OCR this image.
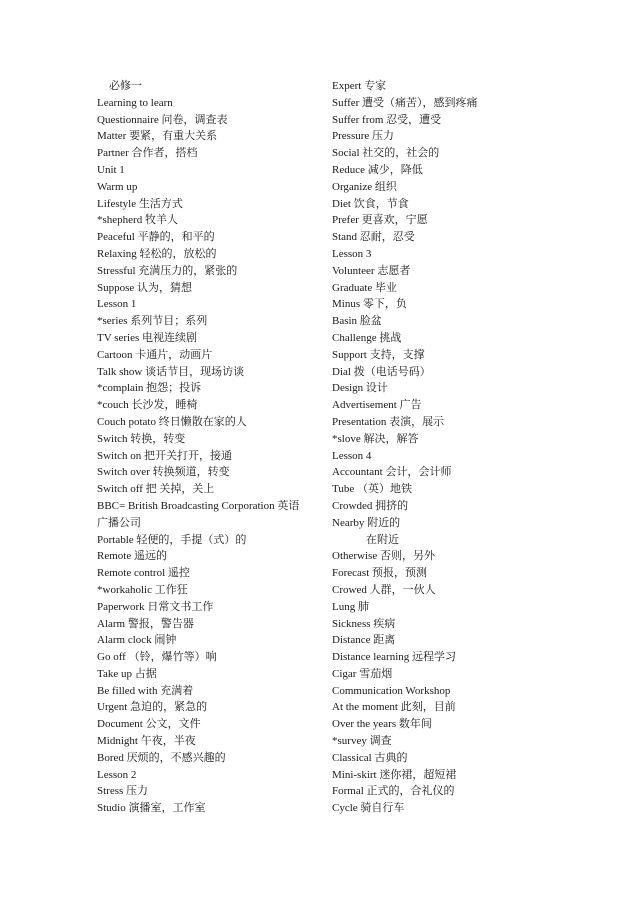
必修一
Learning to learn
Questionnaire 问卷，调查表
Matter 要紧，有重大关系
Partner 合作者，搭档
Unit 1
Warm up
Lifestyle 生活方式
*shepherd 牧羊人
Peaceful 平静的，和平的
Relaxing 轻松的，放松的
Stressful 充满压力的，紧张的
Suppose 认为，猜想
Lesson 1
*series 系列节目；系列
TV series 电视连续剧
Cartoon 卡通片，动画片
Talk show 谈话节目，现场访谈
*complain 抱怨；投诉
*couch 长沙发，睡椅
Couch potato 终日懒散在家的人
Switch 转换，转变
Switch on 把开关打开，接通
Switch over 转换频道，转变
Switch off 把 关掉，关上
BBC= British Broadcasting Corporation 英语
广播公司
Portable 轻便的，手提（式）的
Remote 遥远的
Remote control 遥控
*workaholic 工作狂
Paperwork 日常文书工作
Alarm 警报，警告器
Alarm clock 闹钟
Go off （铃，爆竹等）响
Take up 占据
Be filled with 充满着
Urgent 急迫的，紧急的
Document 公文，文件
Midnight 午夜，半夜
Bored 厌烦的，不感兴趣的
Lesson 2
Stress 压力
Studio 演播室，工作室
Expert 专家
Suffer 遭受（痛苦），感到疼痛
Suffer from 忍受，遭受
Pressure 压力
Social 社交的，社会的
Reduce 减少，降低
Organize 组织
Diet 饮食，节食
Prefer 更喜欢，宁愿
Stand 忍耐，忍受
Lesson 3
Volunteer 志愿者
Graduate 毕业
Minus 零下，负
Basin 脸盆
Challenge 挑战
Support 支持，支撑
Dial 拨（电话号码）
Design 设计
Advertisement 广告
Presentation 表演，展示
*slove 解决，解答
Lesson 4
Accountant 会计，会计师
Tube （英）地铁
Crowded 拥挤的
Nearby 附近的
在附近
Otherwise 否则，另外
Forecast 预报，预测
Crowed 人群，一伙人
Lung 肺
Sickness 疾病
Distance 距离
Distance learning 远程学习
Cigar 雪茄烟
Communication Workshop
At the moment 此刻，目前
Over the years 数年间
*survey 调查
Classical 古典的
Mini-skirt 迷你裙，超短裙
Formal 正式的，合礼仪的
Cycle 骑自行车
